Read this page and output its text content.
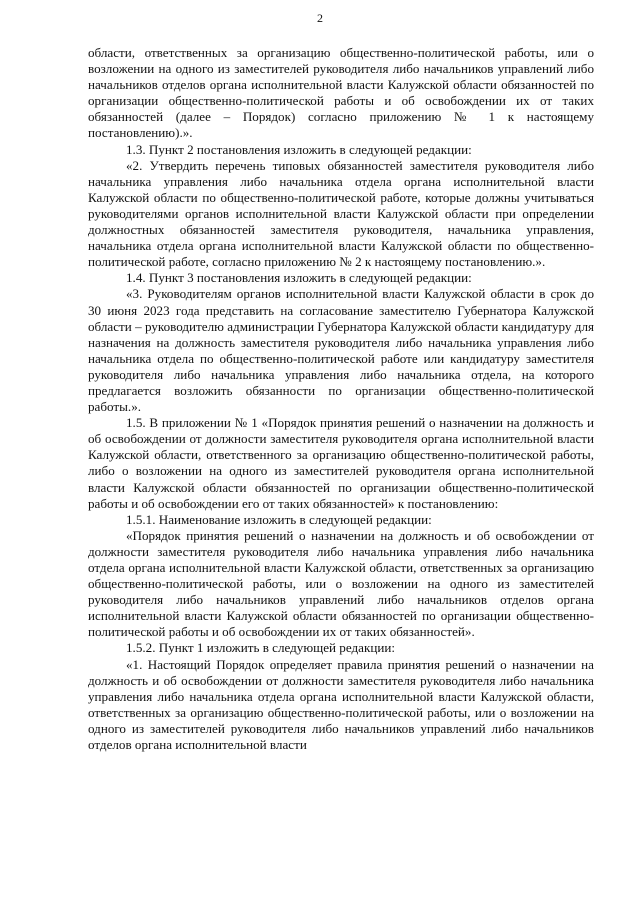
2

области, ответственных за организацию общественно-политической работы, или о возложении на одного из заместителей руководителя либо начальников управлений либо начальников отделов органа исполнительной власти Калужской области обязанностей по организации общественно-политической работы и об освобождении их от таких обязанностей (далее – Порядок) согласно приложению № 1 к настоящему постановлению).».

1.3. Пункт 2 постановления изложить в следующей редакции:

«2. Утвердить перечень типовых обязанностей заместителя руководителя либо начальника управления либо начальника отдела органа исполнительной власти Калужской области по общественно-политической работе, которые должны учитываться руководителями органов исполнительной власти Калужской области при определении должностных обязанностей заместителя руководителя, начальника управления, начальника отдела органа исполнительной власти Калужской области по общественно-политической работе, согласно приложению № 2 к настоящему постановлению.».

1.4. Пункт 3 постановления изложить в следующей редакции:

«3. Руководителям органов исполнительной власти Калужской области в срок до 30 июня 2023 года представить на согласование заместителю Губернатора Калужской области – руководителю администрации Губернатора Калужской области кандидатуру для назначения на должность заместителя руководителя либо начальника управления либо начальника отдела по общественно-политической работе или кандидатуру заместителя руководителя либо начальника управления либо начальника отдела, на которого предлагается возложить обязанности по организации общественно-политической работы.».

1.5. В приложении № 1 «Порядок принятия решений о назначении на должность и об освобождении от должности заместителя руководителя органа исполнительной власти Калужской области, ответственного за организацию общественно-политической работы, либо о возложении на одного из заместителей руководителя органа исполнительной власти Калужской области обязанностей по организации общественно-политической работы и об освобождении его от таких обязанностей» к постановлению:

1.5.1. Наименование изложить в следующей редакции:

«Порядок принятия решений о назначении на должность и об освобождении от должности заместителя руководителя либо начальника управления либо начальника отдела органа исполнительной власти Калужской области, ответственных за организацию общественно-политической работы, или о возложении на одного из заместителей руководителя либо начальников управлений либо начальников отделов органа исполнительной власти Калужской области обязанностей по организации общественно-политической работы и об освобождении их от таких обязанностей».

1.5.2. Пункт 1 изложить в следующей редакции:

«1. Настоящий Порядок определяет правила принятия решений о назначении на должность и об освобождении от должности заместителя руководителя либо начальника управления либо начальника отдела органа исполнительной власти Калужской области, ответственных за организацию общественно-политической работы, или о возложении на одного из заместителей руководителя либо начальников управлений либо начальников отделов органа исполнительной власти
